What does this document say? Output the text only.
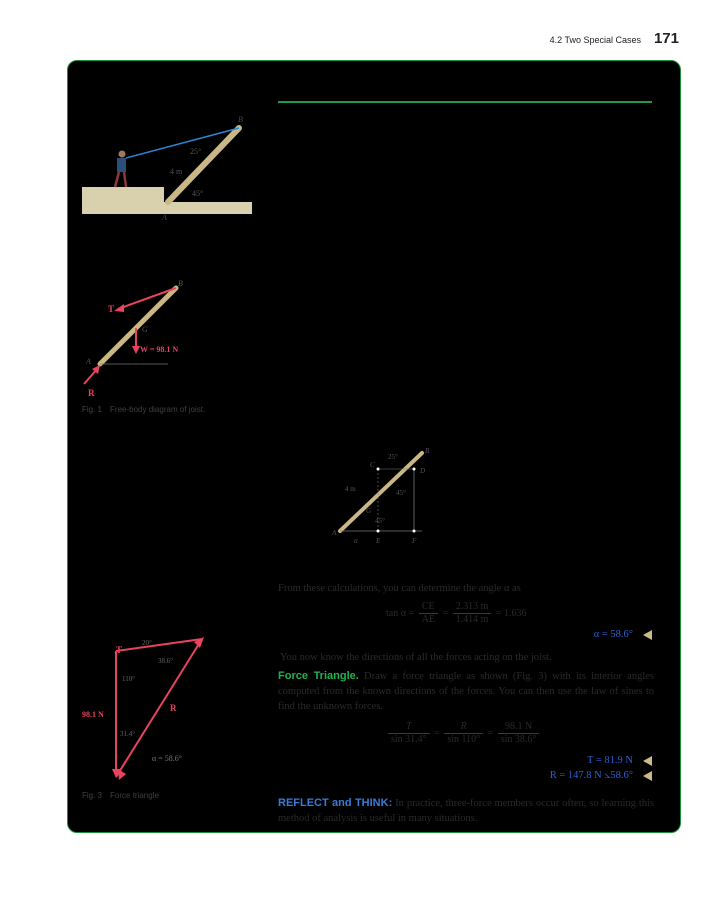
4.2 Two Special Cases 171
B
25°
4 m
45°
A
B
T
G
W = 98.1 N
A
R
Fig. 1 Free-body diagram of joist.
B
C
D
25°
4 m	45°
45°
G
A
α	E	F
From these calculations, you can determine the angle α as
$\tan \alpha = \frac{CE}{AE} = \frac{2.313 m}{1.414 m} = 1.636$
α = 58.6°
You now know the directions of all the forces acting on the joist.
Force Triangle. Draw a force triangle as shown (Fig. 3) with its interior angles computed from the known directions of the forces. You can then use the law of sines to find the unknown forces.
$\frac{T}{\sin 31.4^\circ} = \frac{R}{\sin 110^\circ} = \frac{98.1 N}{\sin 38.6^\circ}$
T = 81.9 N
R = 147.8 N ⦣58.6°
REFLECT and THINK: In practice, three-force members occur often, so learning this method of analysis is useful in many situations.
T
20°
38.6°
110°
R
98.1 N
31.4°
α = 58.6°
Fig. 3 Force triangle
